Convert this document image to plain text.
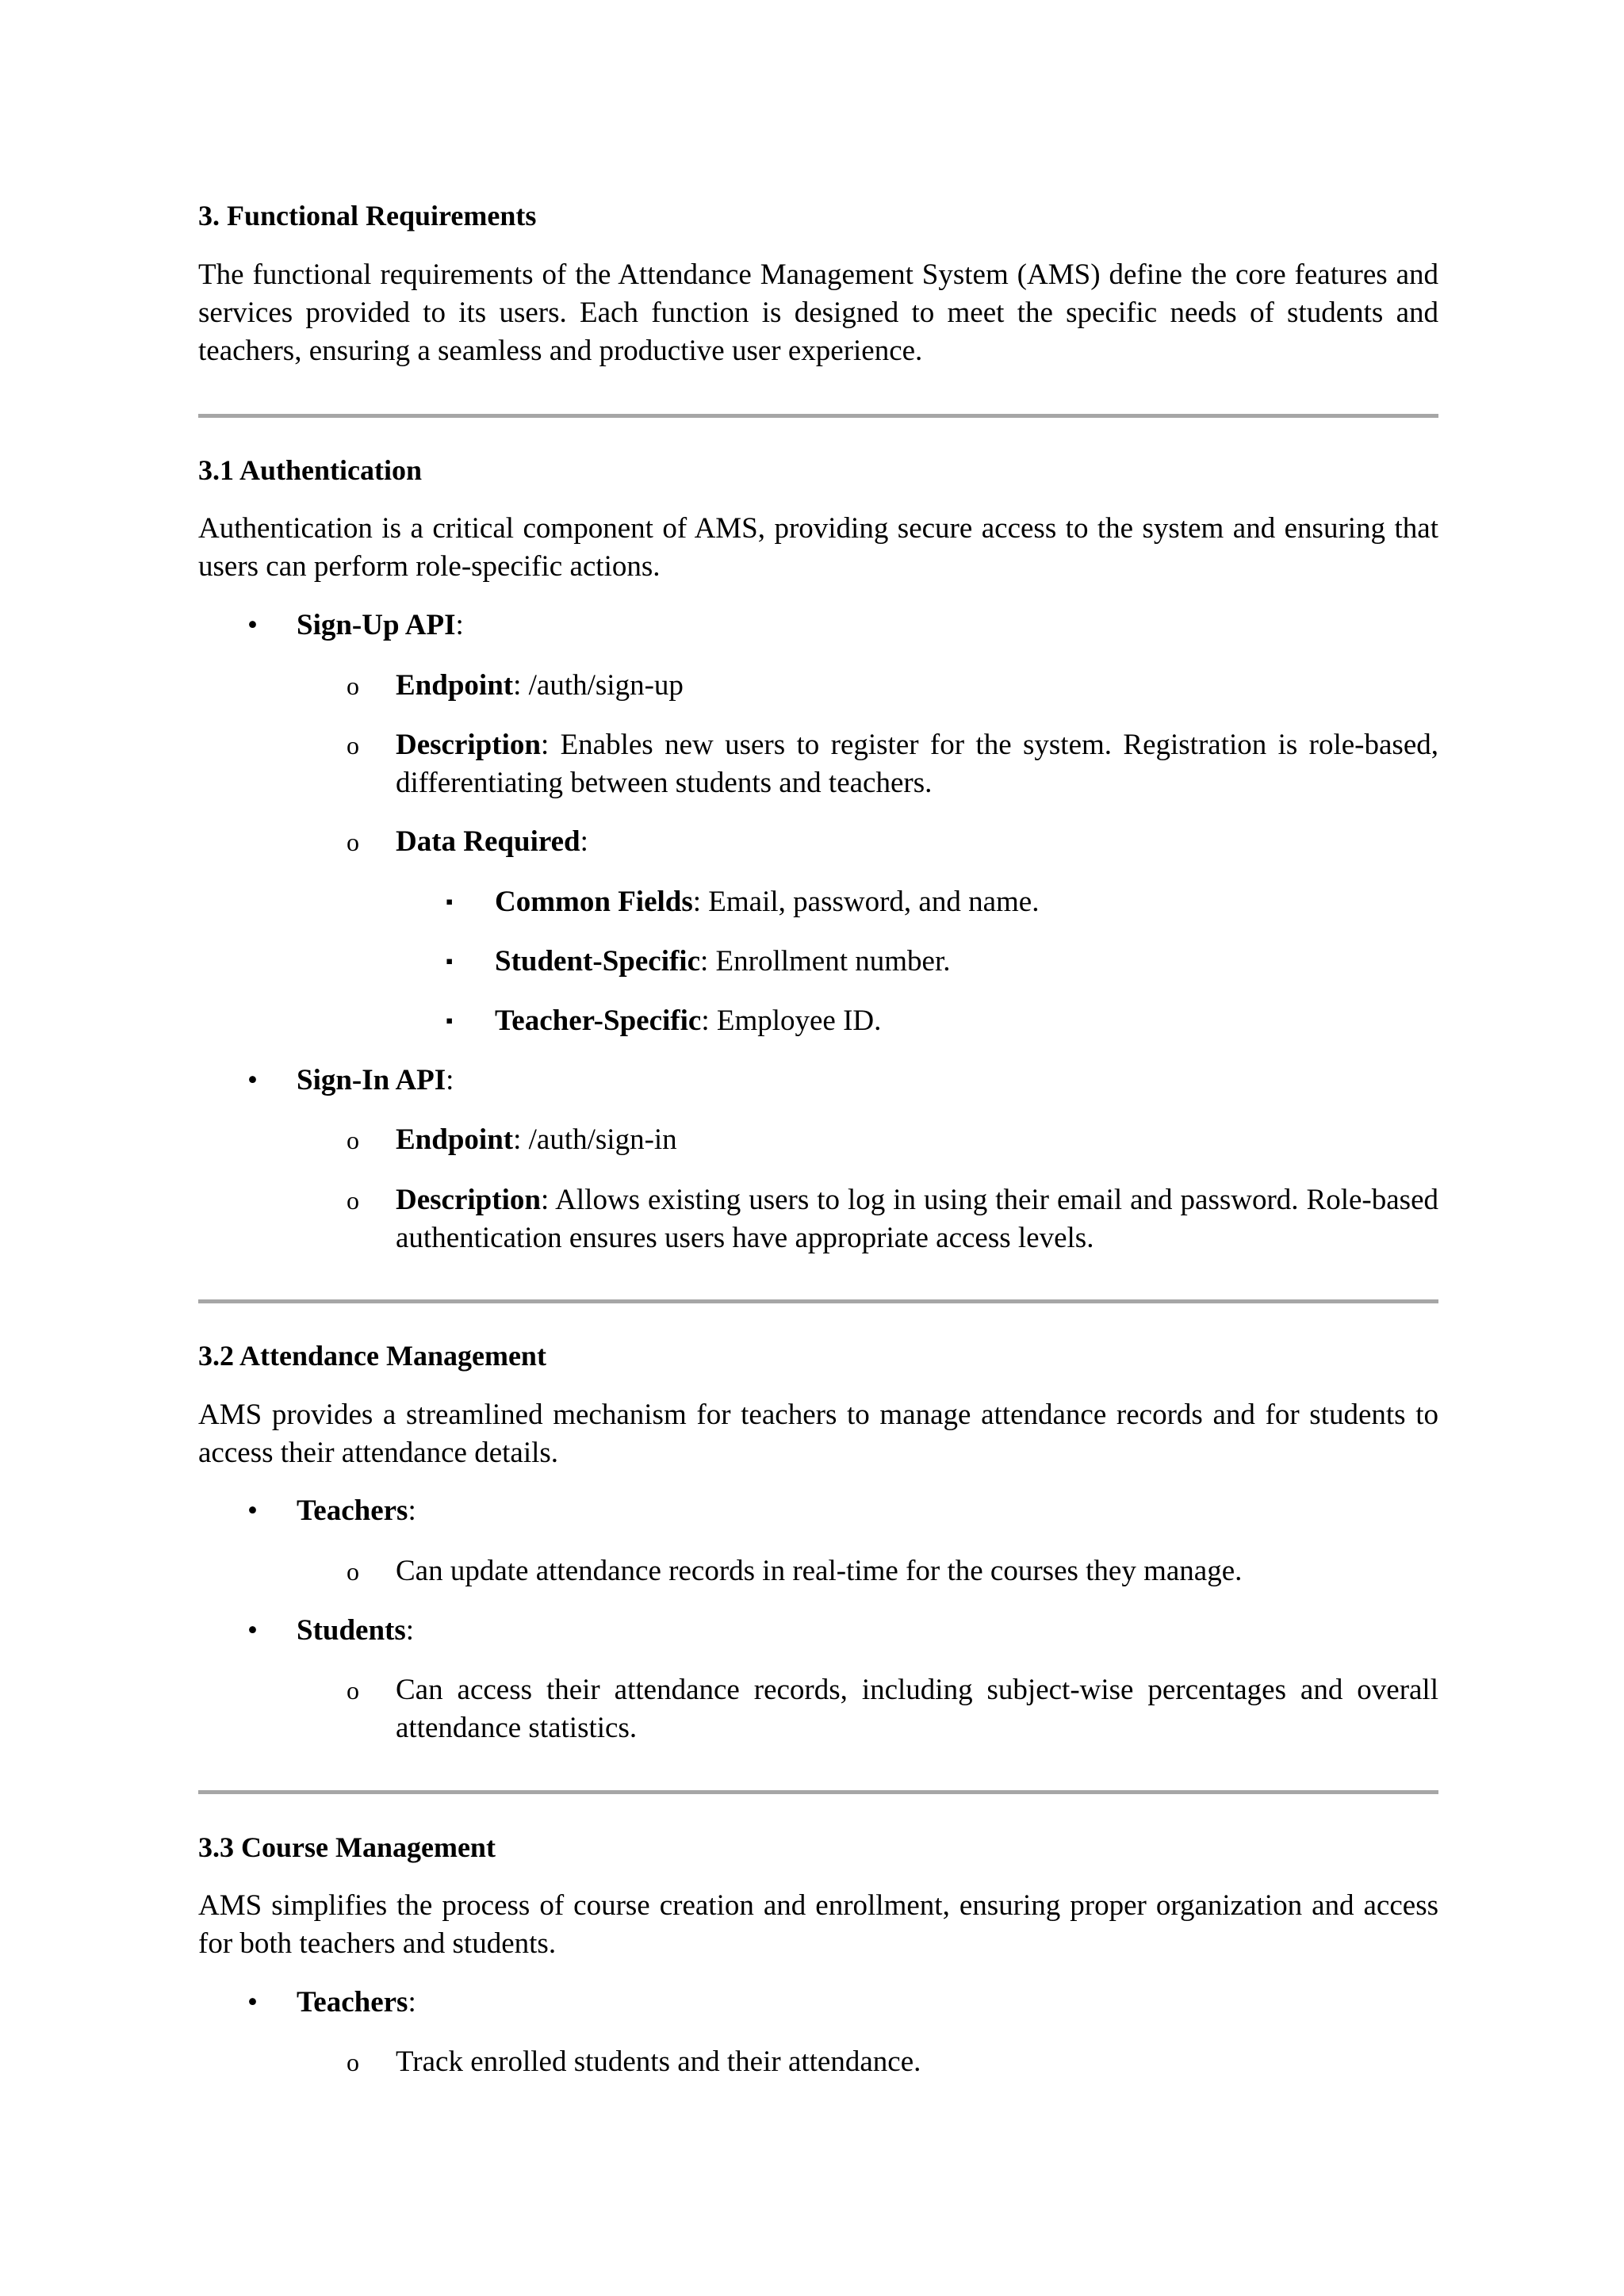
3. Functional Requirements
The functional requirements of the Attendance Management System (AMS) define the core features and services provided to its users. Each function is designed to meet the specific needs of students and teachers, ensuring a seamless and productive user experience.
3.1 Authentication
Authentication is a critical component of AMS, providing secure access to the system and ensuring that users can perform role-specific actions.
• Sign-Up API:
o Endpoint: /auth/sign-up
o Description: Enables new users to register for the system. Registration is role-based, differentiating between students and teachers.
o Data Required:
▪ Common Fields: Email, password, and name.
▪ Student-Specific: Enrollment number.
▪ Teacher-Specific: Employee ID.
• Sign-In API:
o Endpoint: /auth/sign-in
o Description: Allows existing users to log in using their email and password. Role-based authentication ensures users have appropriate access levels.
3.2 Attendance Management
AMS provides a streamlined mechanism for teachers to manage attendance records and for students to access their attendance details.
• Teachers:
o Can update attendance records in real-time for the courses they manage.
• Students:
o Can access their attendance records, including subject-wise percentages and overall attendance statistics.
3.3 Course Management
AMS simplifies the process of course creation and enrollment, ensuring proper organization and access for both teachers and students.
• Teachers:
o Track enrolled students and their attendance.
